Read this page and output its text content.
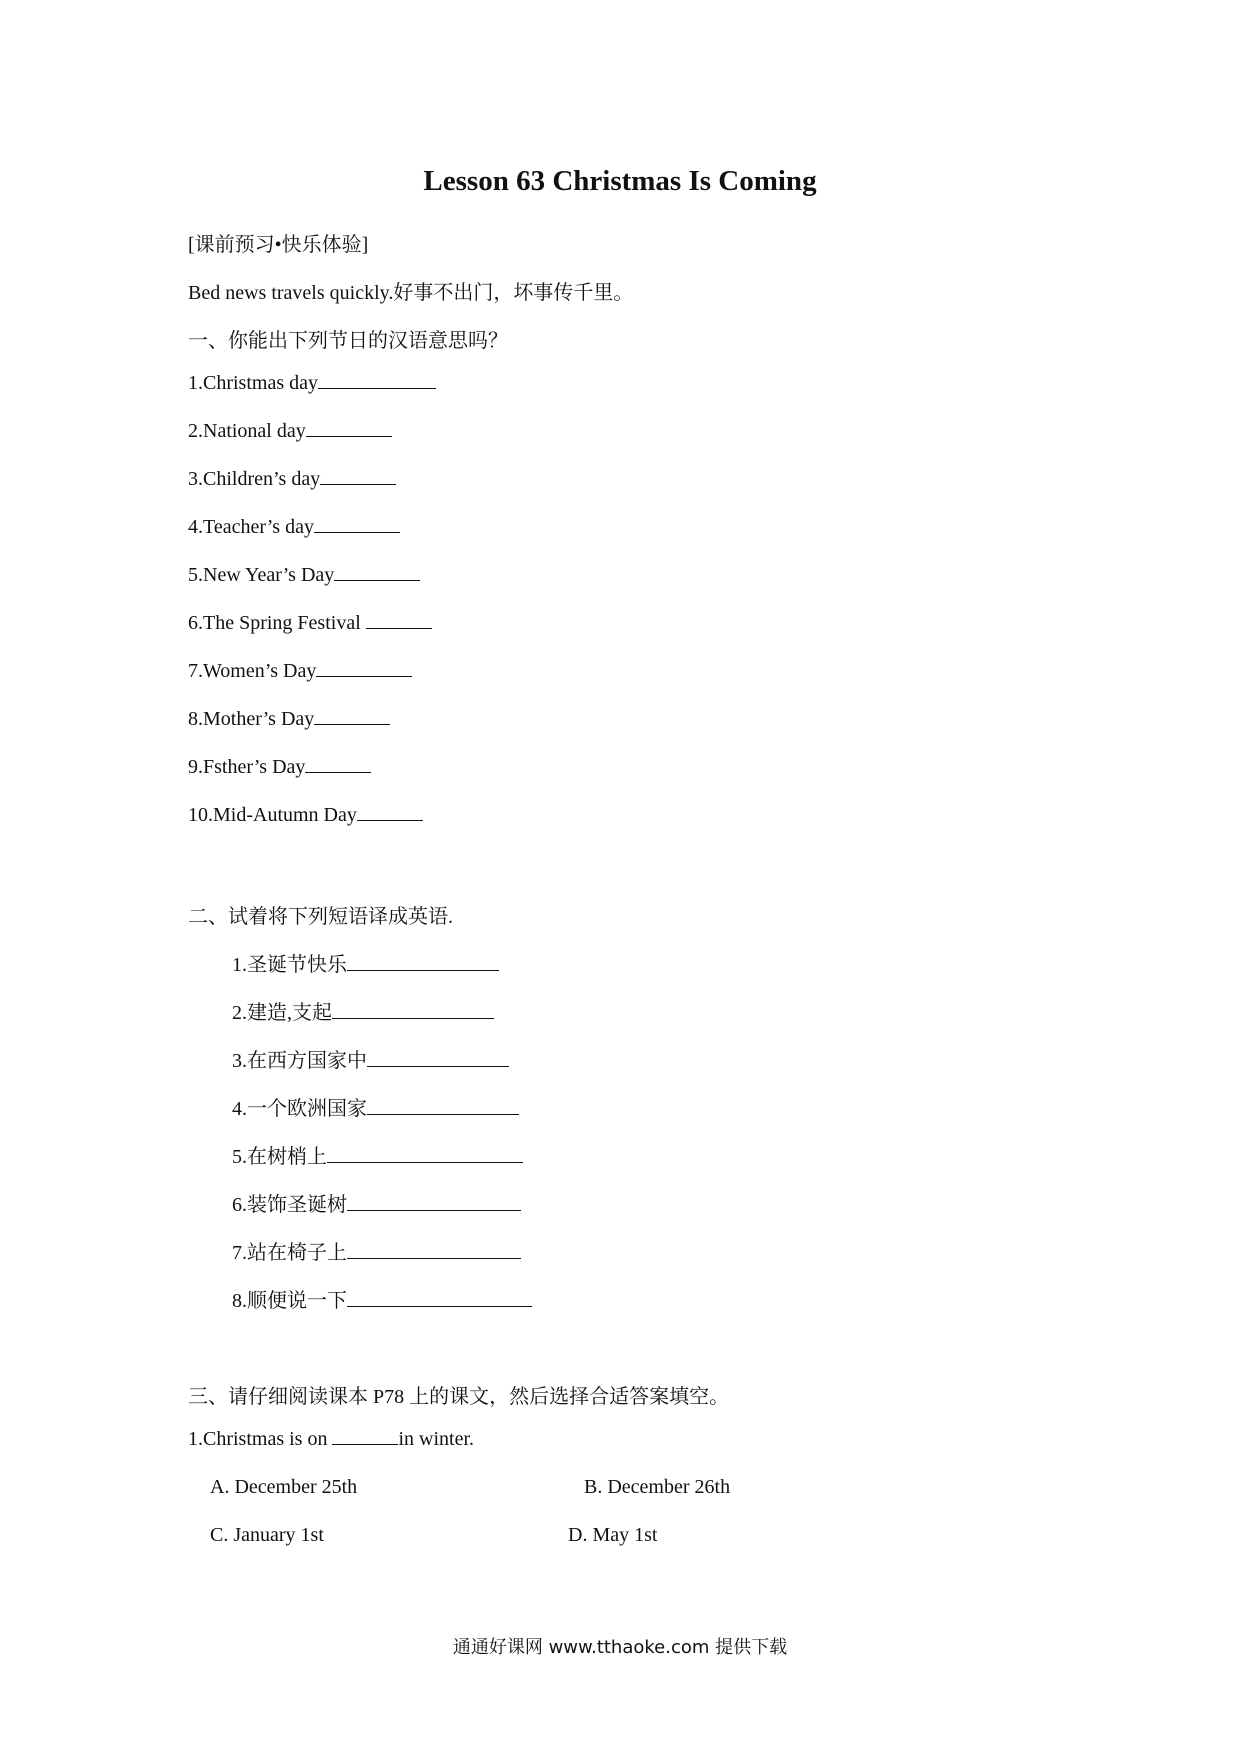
Lesson 63 Christmas Is Coming

[课前预习•快乐体验]

Bed news travels quickly.好事不出门，坏事传千里。

一、你能出下列节日的汉语意思吗？

1.Christmas day

2.National day

3.Children’s day

4.Teacher’s day

5.New Year’s Day

6.The Spring Festival

7.Women’s Day

8.Mother’s Day

9.Fsther’s Day

10.Mid-Autumn Day

二、试着将下列短语译成英语.

1.圣诞节快乐

2.建造,支起

3.在西方国家中

4.一个欧洲国家

5.在树梢上

6.装饰圣诞树

7.站在椅子上

8.顺便说一下

三、请仔细阅读课本 P78 上的课文，然后选择合适答案填空。

1.Christmas is on	in winter.

A. December 25th	B. December 26th
C. January 1st	D. May 1st
通通好课网 www.tthaoke.com 提供下载
